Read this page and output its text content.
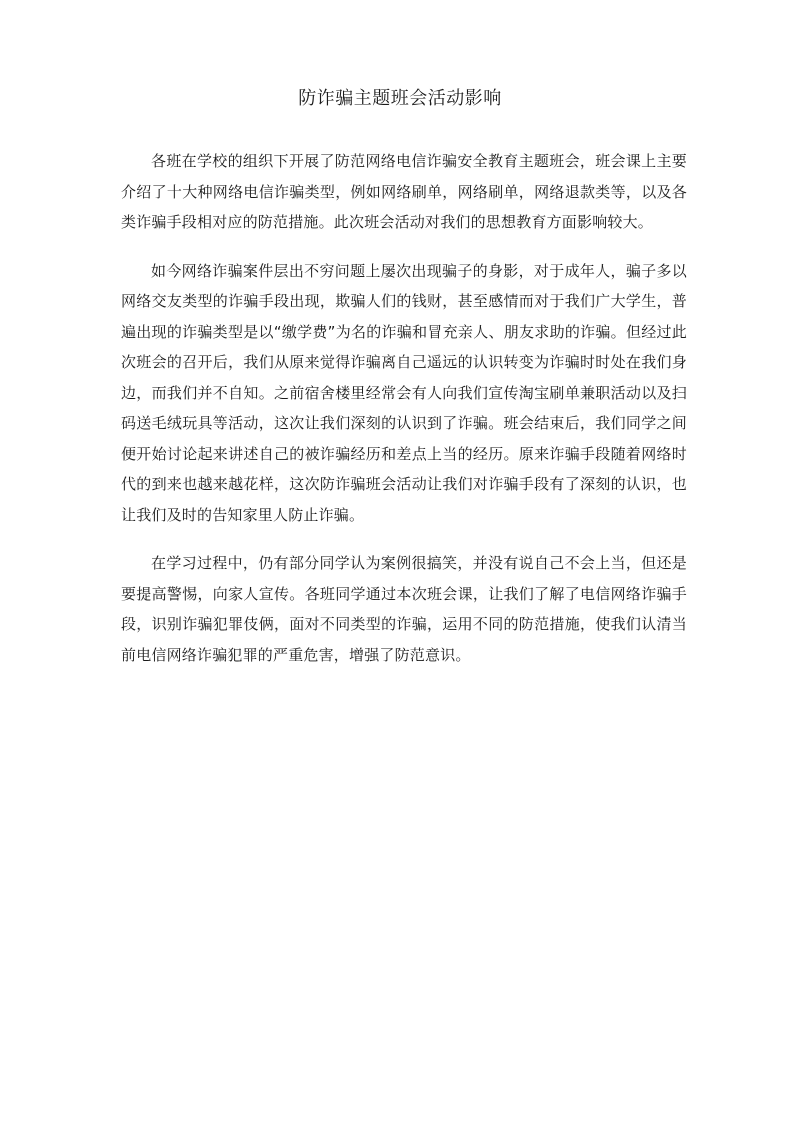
防诈骗主题班会活动影响

各班在学校的组织下开展了防范网络电信诈骗安全教育主题班会，班会课上主要介绍了十大种网络电信诈骗类型，例如网络刷单，网络刷单，网络退款类等，以及各类诈骗手段相对应的防范措施。此次班会活动对我们的思想教育方面影响较大。

如今网络诈骗案件层出不穷问题上屡次出现骗子的身影，对于成年人，骗子多以网络交友类型的诈骗手段出现，欺骗人们的钱财，甚至感情而对于我们广大学生，普遍出现的诈骗类型是以“缴学费”为名的诈骗和冒充亲人、朋友求助的诈骗。但经过此次班会的召开后，我们从原来觉得诈骗离自己遥远的认识转变为诈骗时时处在我们身边，而我们并不自知。之前宿舍楼里经常会有人向我们宣传淘宝刷单兼职活动以及扫码送毛绒玩具等活动，这次让我们深刻的认识到了诈骗。班会结束后，我们同学之间便开始讨论起来讲述自己的被诈骗经历和差点上当的经历。原来诈骗手段随着网络时代的到来也越来越花样，这次防诈骗班会活动让我们对诈骗手段有了深刻的认识，也让我们及时的告知家里人防止诈骗。

在学习过程中，仍有部分同学认为案例很搞笑，并没有说自己不会上当，但还是要提高警惕，向家人宣传。各班同学通过本次班会课，让我们了解了电信网络诈骗手段，识别诈骗犯罪伎俩，面对不同类型的诈骗，运用不同的防范措施，使我们认清当前电信网络诈骗犯罪的严重危害，增强了防范意识。
